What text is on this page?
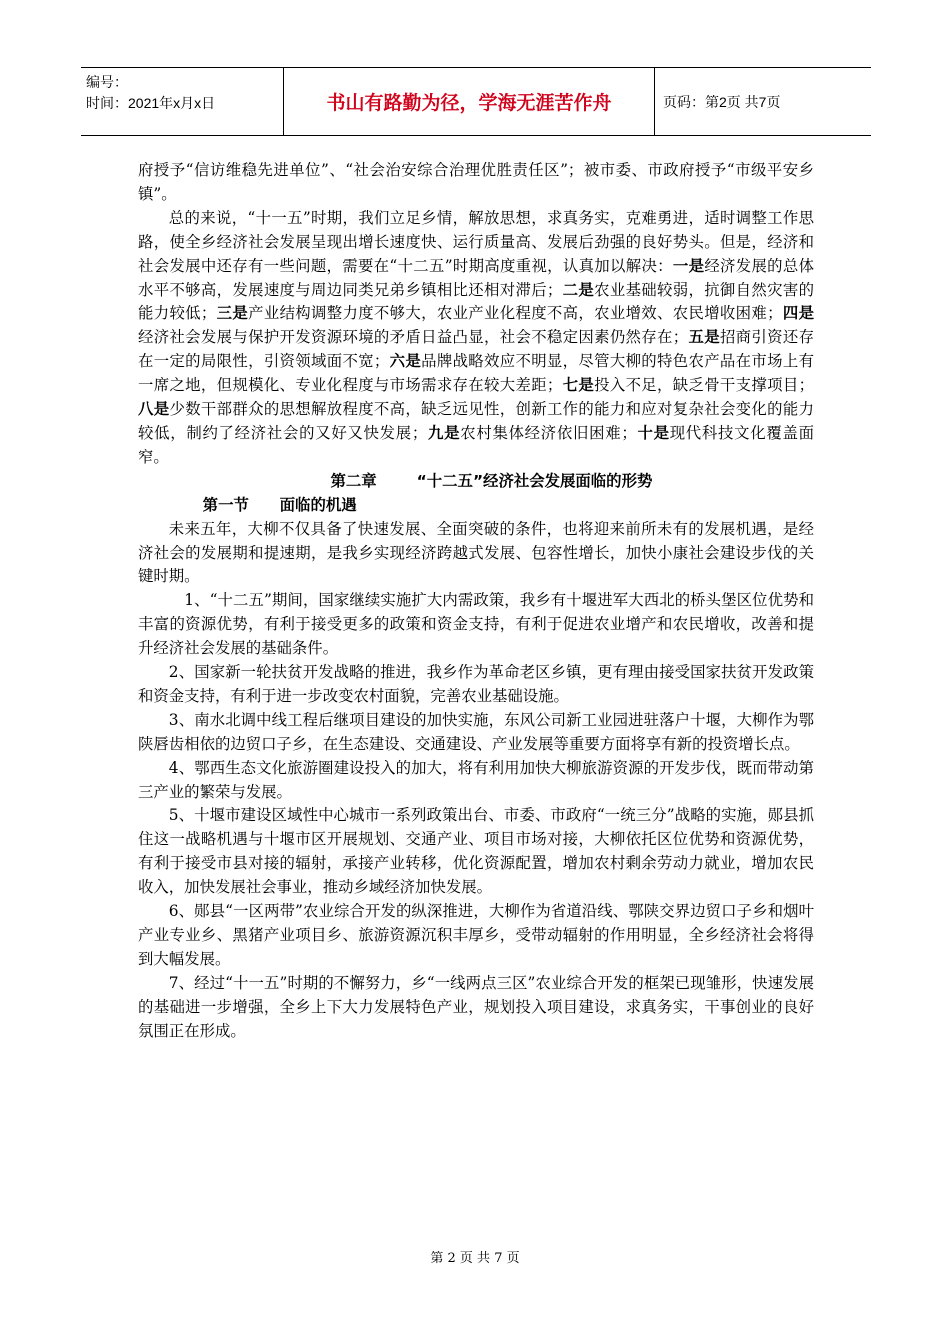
编号：
时间：2021年x月x日	书山有路勤为径，学海无涯苦作舟	页码：第2页 共7页

府授予“信访维稳先进单位”、“社会治安综合治理优胜责任区”；被市委、市政府授予“市级平安乡镇”。

总的来说，“十一五”时期，我们立足乡情，解放思想，求真务实，克难勇进，适时调整工作思路，使全乡经济社会发展呈现出增长速度快、运行质量高、发展后劲强的良好势头。但是，经济和社会发展中还存有一些问题，需要在“十二五”时期高度重视，认真加以解决：一是经济发展的总体水平不够高，发展速度与周边同类兄弟乡镇相比还相对滞后；二是农业基础较弱，抗御自然灾害的能力较低；三是产业结构调整力度不够大，农业产业化程度不高，农业增效、农民增收困难；四是经济社会发展与保护开发资源环境的矛盾日益凸显，社会不稳定因素仍然存在；五是招商引资还存在一定的局限性，引资领域面不宽；六是品牌战略效应不明显，尽管大柳的特色农产品在市场上有一席之地，但规模化、专业化程度与市场需求存在较大差距；七是投入不足，缺乏骨干支撑项目；八是少数干部群众的思想解放程度不高，缺乏远见性，创新工作的能力和应对复杂社会变化的能力较低，制约了经济社会的又好又快发展；九是农村集体经济依旧困难；十是现代科技文化覆盖面窄。

第二章	“十二五”经济社会发展面临的形势

第一节 面临的机遇

未来五年，大柳不仅具备了快速发展、全面突破的条件，也将迎来前所未有的发展机遇，是经济社会的发展期和提速期，是我乡实现经济跨越式发展、包容性增长，加快小康社会建设步伐的关键时期。

1、“十二五”期间，国家继续实施扩大内需政策，我乡有十堰进军大西北的桥头堡区位优势和丰富的资源优势，有利于接受更多的政策和资金支持，有利于促进农业增产和农民增收，改善和提升经济社会发展的基础条件。

2、国家新一轮扶贫开发战略的推进，我乡作为革命老区乡镇，更有理由接受国家扶贫开发政策和资金支持，有利于进一步改变农村面貌，完善农业基础设施。

3、南水北调中线工程后继项目建设的加快实施，东风公司新工业园进驻落户十堰，大柳作为鄂陕唇齿相依的边贸口子乡，在生态建设、交通建设、产业发展等重要方面将享有新的投资增长点。

4、鄂西生态文化旅游圈建设投入的加大，将有利用加快大柳旅游资源的开发步伐，既而带动第三产业的繁荣与发展。

5、十堰市建设区域性中心城市一系列政策出台、市委、市政府“一统三分”战略的实施，郧县抓住这一战略机遇与十堰市区开展规划、交通产业、项目市场对接，大柳依托区位优势和资源优势，有利于接受市县对接的辐射，承接产业转移，优化资源配置，增加农村剩余劳动力就业，增加农民收入，加快发展社会事业，推动乡域经济加快发展。

6、郧县“一区两带”农业综合开发的纵深推进，大柳作为省道沿线、鄂陕交界边贸口子乡和烟叶产业专业乡、黑猪产业项目乡、旅游资源沉积丰厚乡，受带动辐射的作用明显，全乡经济社会将得到大幅发展。

7、经过“十一五”时期的不懈努力，乡“一线两点三区”农业综合开发的框架已现雏形，快速发展的基础进一步增强，全乡上下大力发展特色产业，规划投入项目建设，求真务实，干事创业的良好氛围正在形成。

第 2 页 共 7 页
